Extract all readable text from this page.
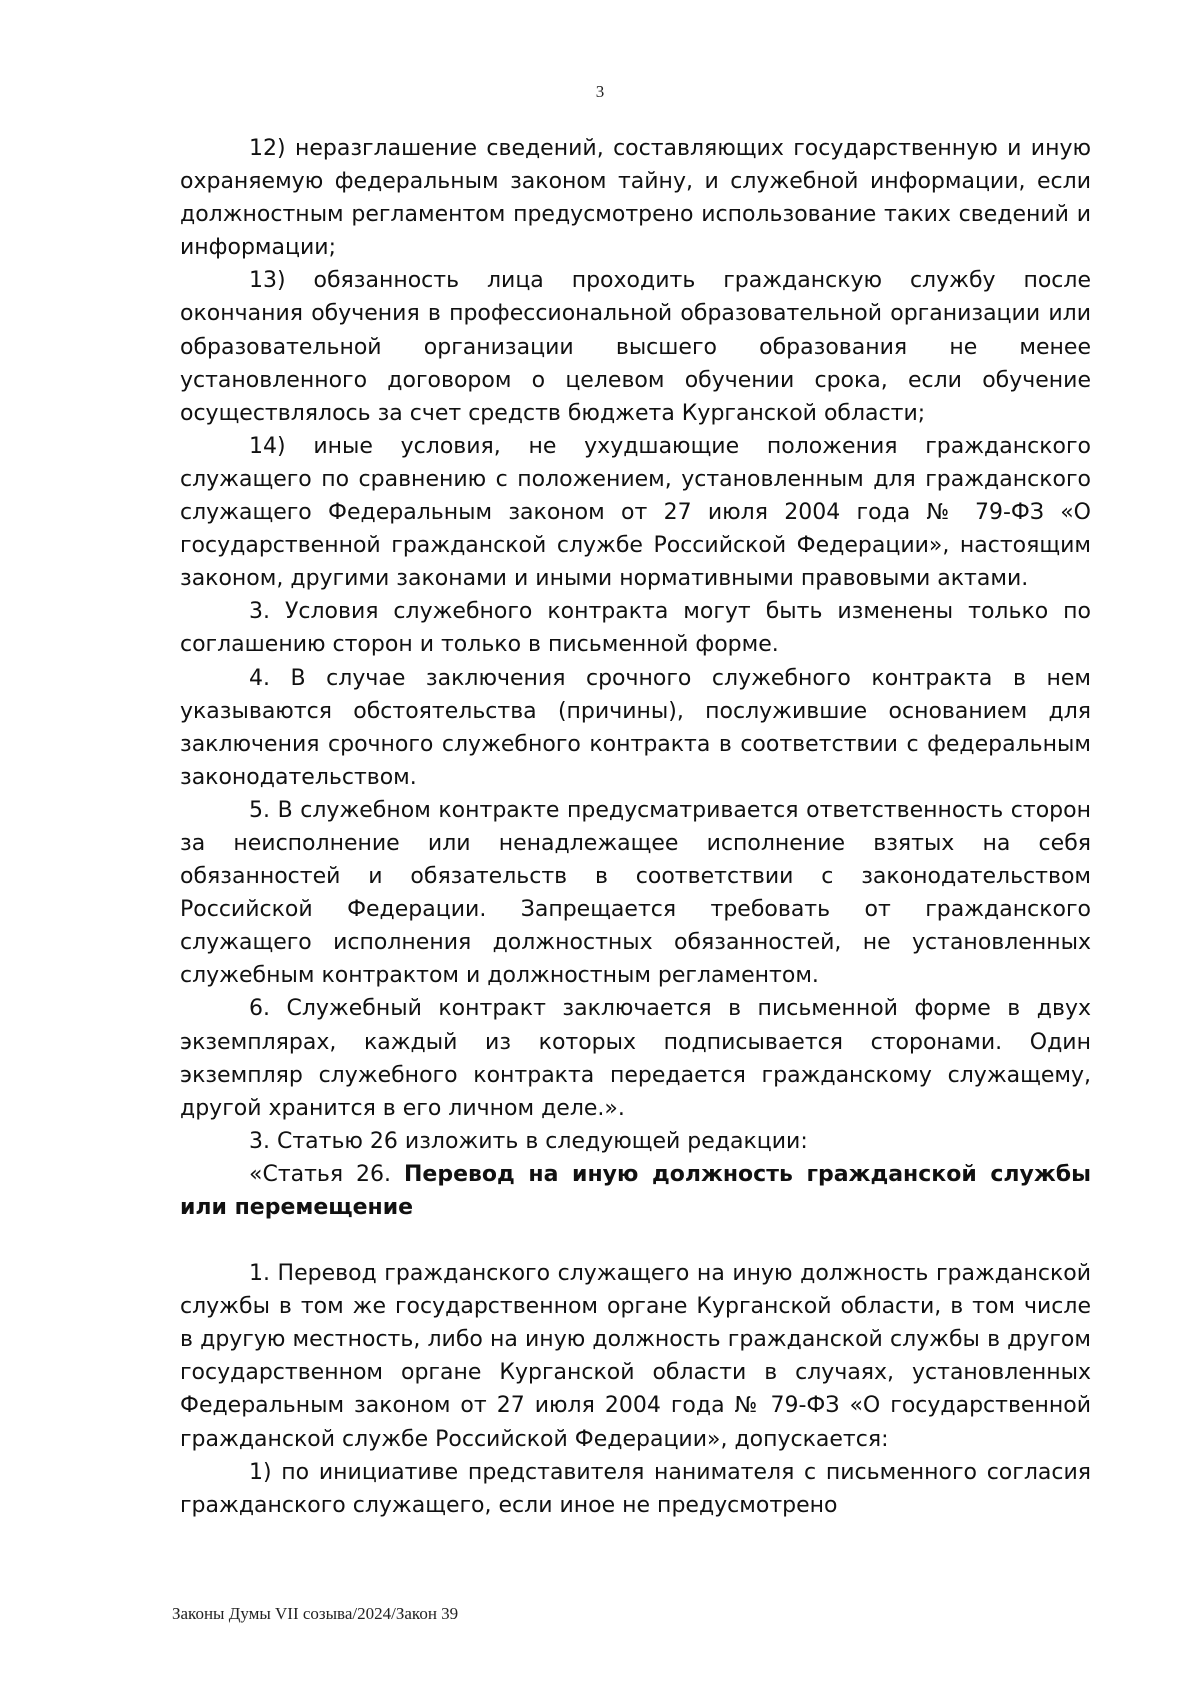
3

12) неразглашение сведений, составляющих государственную и иную охраняемую федеральным законом тайну, и служебной информации, если должностным регламентом предусмотрено использование таких сведений и информации;

13) обязанность лица проходить гражданскую службу после окончания обучения в профессиональной образовательной организации или образовательной организации высшего образования не менее установленного договором о целевом обучении срока, если обучение осуществлялось за счет средств бюджета Курганской области;

14) иные условия, не ухудшающие положения гражданского служащего по сравнению с положением, установленным для гражданского служащего Федеральным законом от 27 июля 2004 года № 79-ФЗ «О государственной гражданской службе Российской Федерации», настоящим законом, другими законами и иными нормативными правовыми актами.

3. Условия служебного контракта могут быть изменены только по соглашению сторон и только в письменной форме.

4. В случае заключения срочного служебного контракта в нем указываются обстоятельства (причины), послужившие основанием для заключения срочного служебного контракта в соответствии с федеральным законодательством.

5. В служебном контракте предусматривается ответственность сторон за неисполнение или ненадлежащее исполнение взятых на себя обязанностей и обязательств в соответствии с законодательством Российской Федерации. Запрещается требовать от гражданского служащего исполнения должностных обязанностей, не установленных служебным контрактом и должностным регламентом.

6. Служебный контракт заключается в письменной форме в двух экземплярах, каждый из которых подписывается сторонами. Один экземпляр служебного контракта передается гражданскому служащему, другой хранится в его личном деле.».

3. Статью 26 изложить в следующей редакции:

«Статья 26. Перевод на иную должность гражданской службы или перемещение

1. Перевод гражданского служащего на иную должность гражданской службы в том же государственном органе Курганской области, в том числе в другую местность, либо на иную должность гражданской службы в другом государственном органе Курганской области в случаях, установленных Федеральным законом от 27 июля 2004 года № 79-ФЗ «О государственной гражданской службе Российской Федерации», допускается:

1) по инициативе представителя нанимателя с письменного согласия гражданского служащего, если иное не предусмотрено

Законы Думы VII созыва/2024/Закон 39
